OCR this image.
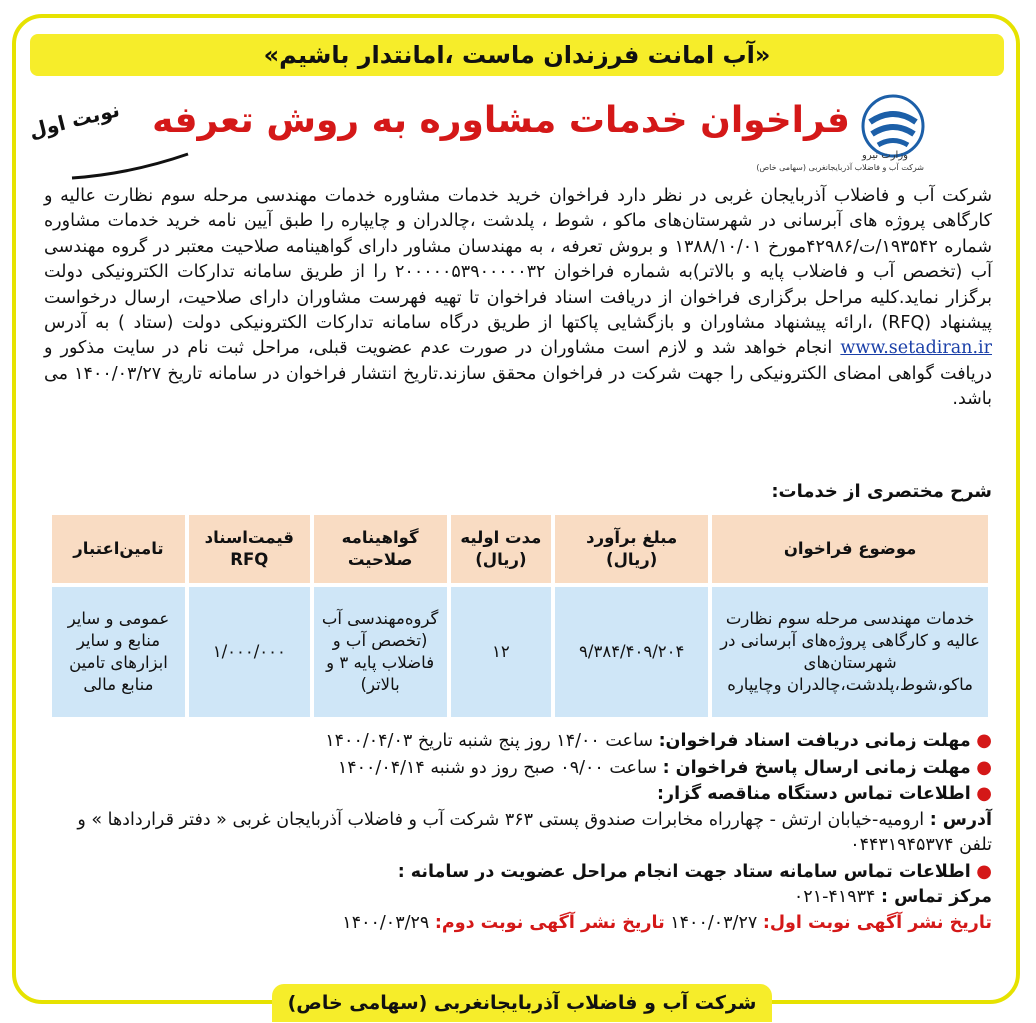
«آب امانت فرزندان ماست ،امانتدار باشیم»
وزارت نیرو
شرکت آب و فاضلاب آذربایجانغربی (سهامی خاص)
فراخوان خدمات مشاوره به روش تعرفه
نوبت اول
شرکت آب و فاضلاب آذربایجان غربی در نظر دارد فراخوان خرید خدمات مشاوره خدمات مهندسی مرحله سوم نظارت عالیه و کارگاهی پروژه های آبرسانی در شهرستان‌های ماکو ، شوط ، پلدشت ،چالدران و چایپاره را طبق آیین نامه خرید خدمات مشاوره شماره ۱۹۳۵۴۲/ت/۴۲۹۸۶مورخ ۱۳۸۸/۱۰/۰۱ و بروش تعرفه ، به مهندسان مشاور دارای گواهینامه صلاحیت معتبر در گروه مهندسی آب (تخصص آب و فاضلاب پایه و بالاتر)به شماره فراخوان ۲۰۰۰۰۰۵۳۹۰۰۰۰۰۳۲ را از طریق سامانه تدارکات الکترونیکی دولت برگزار نماید.کلیه مراحل برگزاری فراخوان از دریافت اسناد فراخوان تا تهیه فهرست مشاوران دارای صلاحیت، ارسال درخواست پیشنهاد (RFQ) ،ارائه پیشنهاد مشاوران و بازگشایی پاکتها از طریق درگاه سامانه تدارکات الکترونیکی دولت (ستاد ) به آدرس www.setadiran.ir انجام خواهد شد و لازم است مشاوران در صورت عدم عضویت قبلی، مراحل ثبت نام در سایت مذکور و دریافت گواهی امضای الکترونیکی را جهت شرکت در فراخوان محقق سازند.تاریخ انتشار فراخوان در سامانه تاریخ ۱۴۰۰/۰۳/۲۷ می باشد.
شرح مختصری از خدمات:
موضوع فراخوان	مبلغ برآورد (ریال)	مدت اولیه (ریال)	گواهینامه صلاحیت	قیمت‌اسناد RFQ	تامین‌اعتبار
خدمات مهندسی مرحله سوم نظارت عالیه و کارگاهی پروژه‌های آبرسانی در شهرستان‌های ماکو،شوط،پلدشت،چالدران وچایپاره	۹/۳۸۴/۴۰۹/۲۰۴	۱۲	گروه‌مهندسی آب (تخصص آب و فاضلاب پایه ۳ و بالاتر)	۱/۰۰۰/۰۰۰	عمومی و سایر منابع و سایر ابزارهای تامین منابع مالی
● مهلت زمانی دریافت اسناد فراخوان: ساعت ۱۴/۰۰ روز پنج شنبه تاریخ ۱۴۰۰/۰۴/۰۳
● مهلت زمانی ارسال پاسخ فراخوان : ساعت ۰۹/۰۰ صبح روز دو شنبه ۱۴۰۰/۰۴/۱۴
● اطلاعات تماس دستگاه مناقصه گزار:
آدرس : ارومیه-خیابان ارتش - چهارراه مخابرات صندوق پستی ۳۶۳ شرکت آب و فاضلاب آذربایجان غربی « دفتر قراردادها » و تلفن ۰۴۴۳۱۹۴۵۳۷۴
● اطلاعات تماس سامانه ستاد جهت انجام مراحل عضویت در سامانه :
مرکز تماس : ۴۱۹۳۴-۰۲۱
تاریخ نشر آگهی نوبت اول: ۱۴۰۰/۰۳/۲۷ تاریخ نشر آگهی نوبت دوم: ۱۴۰۰/۰۳/۲۹
شرکت آب و فاضلاب آذربایجانغربی (سهامی خاص)
